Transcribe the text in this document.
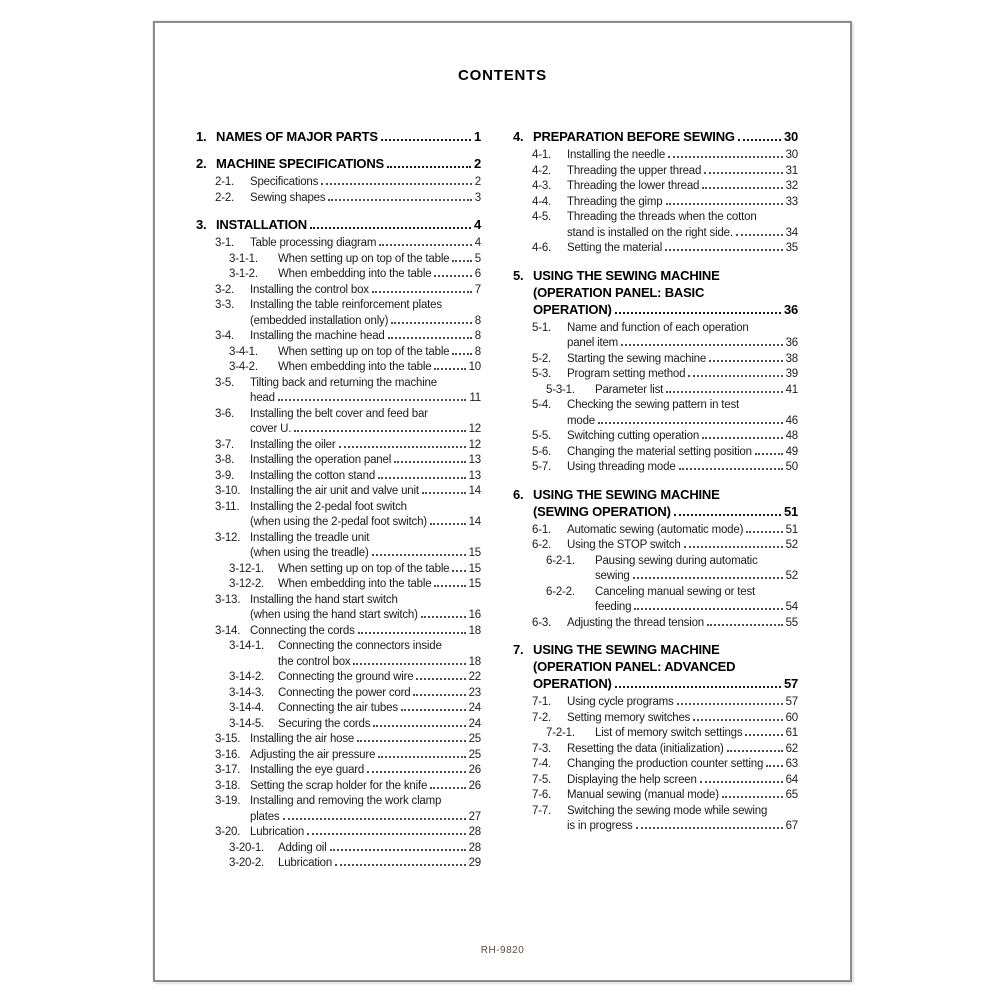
CONTENTS
1. NAMES OF MAJOR PARTS	1
2. MACHINE SPECIFICATIONS	2
2-1.	Specifications	2
2-2.	Sewing shapes	3
3. INSTALLATION	4
3-1.	Table processing diagram	4
3-1-1.	When setting up on top of the table 5
3-1-2.	When embedding into the table	6
3-2.	Installing the control box	7
3-3.	Installing the table reinforcement plates
(embedded installation only)	8
3-4.	Installing the machine head	8
3-4-1.	When setting up on top of the table 8
3-4-2.	When embedding into the table	10
3-5.	Tilting back and returning the machine
head	11
3-6.	Installing the belt cover and feed bar
cover U.	12
3-7.	Installing the oiler	12
3-8.	Installing the operation panel	13
3-9.	Installing the cotton stand	13
3-10. Installing the air unit and valve unit	14
3-11. Installing the 2-pedal foot switch
(when using the 2-pedal foot switch)	14
3-12. Installing the treadle unit
(when using the treadle)	15
3-12-1.	When setting up on top of the table 15
3-12-2.	When embedding into the table	15
3-13. Installing the hand start switch
(when using the hand start switch)	16
3-14. Connecting the cords	18
3-14-1.	Connecting the connectors inside
the control box	18
3-14-2.	Connecting the ground wire	22
3-14-3.	Connecting the power cord	23
3-14-4.	Connecting the air tubes	24
3-14-5.	Securing the cords	24
3-15. Installing the air hose	25
3-16. Adjusting the air pressure	25
3-17. Installing the eye guard	26
3-18. Setting the scrap holder for the knife	26
3-19. Installing and removing the work clamp
plates	27
3-20. Lubrication	28
3-20-1.	Adding oil	28
3-20-2.	Lubrication	29
4. PREPARATION BEFORE SEWING	30
4-1.	Installing the needle	30
4-2.	Threading the upper thread	31
4-3.	Threading the lower thread	32
4-4.	Threading the gimp	33
4-5.	Threading the threads when the cotton
stand is installed on the right side.	34
4-6.	Setting the material	35
5. USING THE SEWING MACHINE
(OPERATION PANEL: BASIC
OPERATION)	36
5-1.	Name and function of each operation
panel item	36
5-2.	Starting the sewing machine	38
5-3.	Program setting method	39
5-3-1.	Parameter list	41
5-4.	Checking the sewing pattern in test
mode	46
5-5.	Switching cutting operation	48
5-6.	Changing the material setting position	49
5-7.	Using threading mode	50
6. USING THE SEWING MACHINE
(SEWING OPERATION)	51
6-1.	Automatic sewing (automatic mode)	51
6-2.	Using the STOP switch	52
6-2-1.	Pausing sewing during automatic
sewing	52
6-2-2.	Canceling manual sewing or test
feeding	54
6-3.	Adjusting the thread tension	55
7. USING THE SEWING MACHINE
(OPERATION PANEL: ADVANCED
OPERATION)	57
7-1.	Using cycle programs	57
7-2.	Setting memory switches	60
7-2-1.	List of memory switch settings	61
7-3.	Resetting the data (initialization)	62
7-4.	Changing the production counter setting 63
7-5.	Displaying the help screen	64
7-6.	Manual sewing (manual mode)	65
7-7.	Switching the sewing mode while sewing
is in progress	67
RH-9820
